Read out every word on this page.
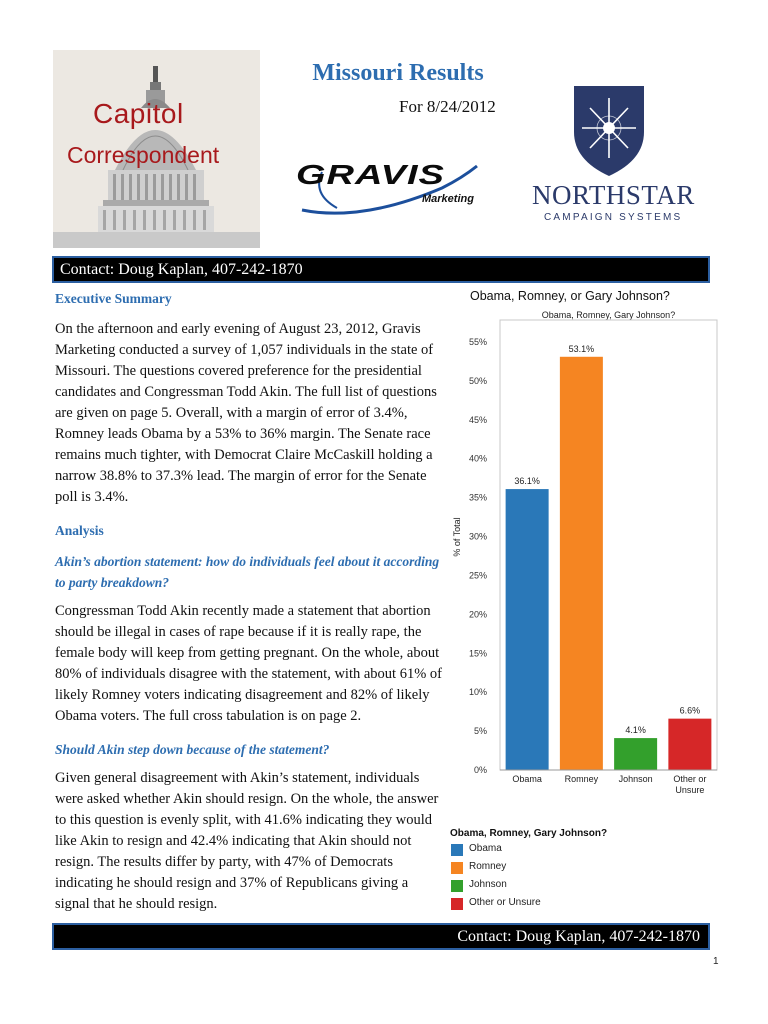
Capitol
Correspondent
Missouri Results
For 8/24/2012
GRAVIS
Marketing NORTHSTAR
CAMPAIGN SYSTEMS
Contact: Doug Kaplan, 407-242-1870
Executive Summary
On the afternoon and early evening of August 23, 2012, Gravis Marketing conducted a survey of 1,057 individuals in the state of Missouri. The questions covered preference for the presidential candidates and Congressman Todd Akin. The full list of questions are given on page 5. Overall, with a margin of error of 3.4%, Romney leads Obama by a 53% to 36% margin. The Senate race remains much tighter, with Democrat Claire McCaskill holding a narrow 38.8% to 37.3% lead. The margin of error for the Senate poll is 3.4%.
Analysis
Akin’s abortion statement: how do individuals feel about it according to party breakdown?
Congressman Todd Akin recently made a statement that abortion should be illegal in cases of rape because if it is really rape, the female body will keep from getting pregnant. On the whole, about 80% of individuals disagree with the statement, with about 61% of likely Romney voters indicating disagreement and 82% of likely Obama voters. The full cross tabulation is on page 2.
Should Akin step down because of the statement?
Given general disagreement with Akin’s statement, individuals were asked whether Akin should resign. On the whole, the answer to this question is evenly split, with 41.6% indicating they would like Akin to resign and 42.4% indicating that Akin should not resign. The results differ by party, with 47% of Democrats indicating he should resign and 37% of Republicans giving a signal that he should resign.
Obama, Romney, or Gary Johnson?
Obama, Romney, Gary Johnson?
0%
5%
10%
15%
20%
25%
30%
35%
40%
45%
50%
55%
% of Total
36.1%
Obama
53.1%
Romney
4.1%
Johnson
6.6%
Other or
Unsure
Obama, Romney, Gary Johnson?
Obama
Romney
Johnson
Other or Unsure
Contact: Doug Kaplan, 407-242-1870
1
